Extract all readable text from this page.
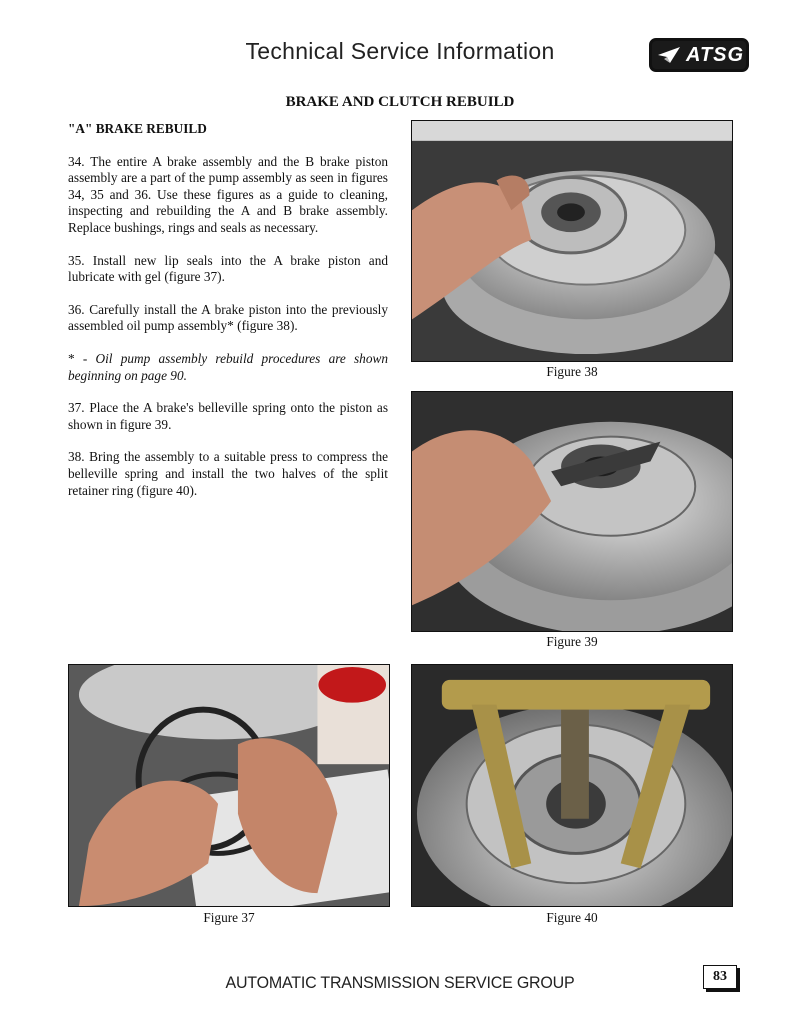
Technical Service Information	ATSG
BRAKE AND CLUTCH REBUILD

"A" BRAKE REBUILD

34. The entire A brake assembly and the B brake piston assembly are a part of the pump assembly as seen in figures 34, 35 and 36. Use these figures as a guide to cleaning, inspecting and rebuilding the A and B brake assembly. Replace bushings, rings and seals as necessary.

35. Install new lip seals into the A brake piston and lubricate with gel (figure 37).

36. Carefully install the A brake piston into the previously assembled oil pump assembly* (figure 38).

* - Oil pump assembly rebuild procedures are shown beginning on page 90.

37. Place the A brake's belleville spring onto the piston as shown in figure 39.

38. Bring the assembly to a suitable press to compress the belleville spring and install the two halves of the split retainer ring (figure 40).

Figure 38
Figure 39
Figure 37	Figure 40
AUTOMATIC TRANSMISSION SERVICE GROUP	83
